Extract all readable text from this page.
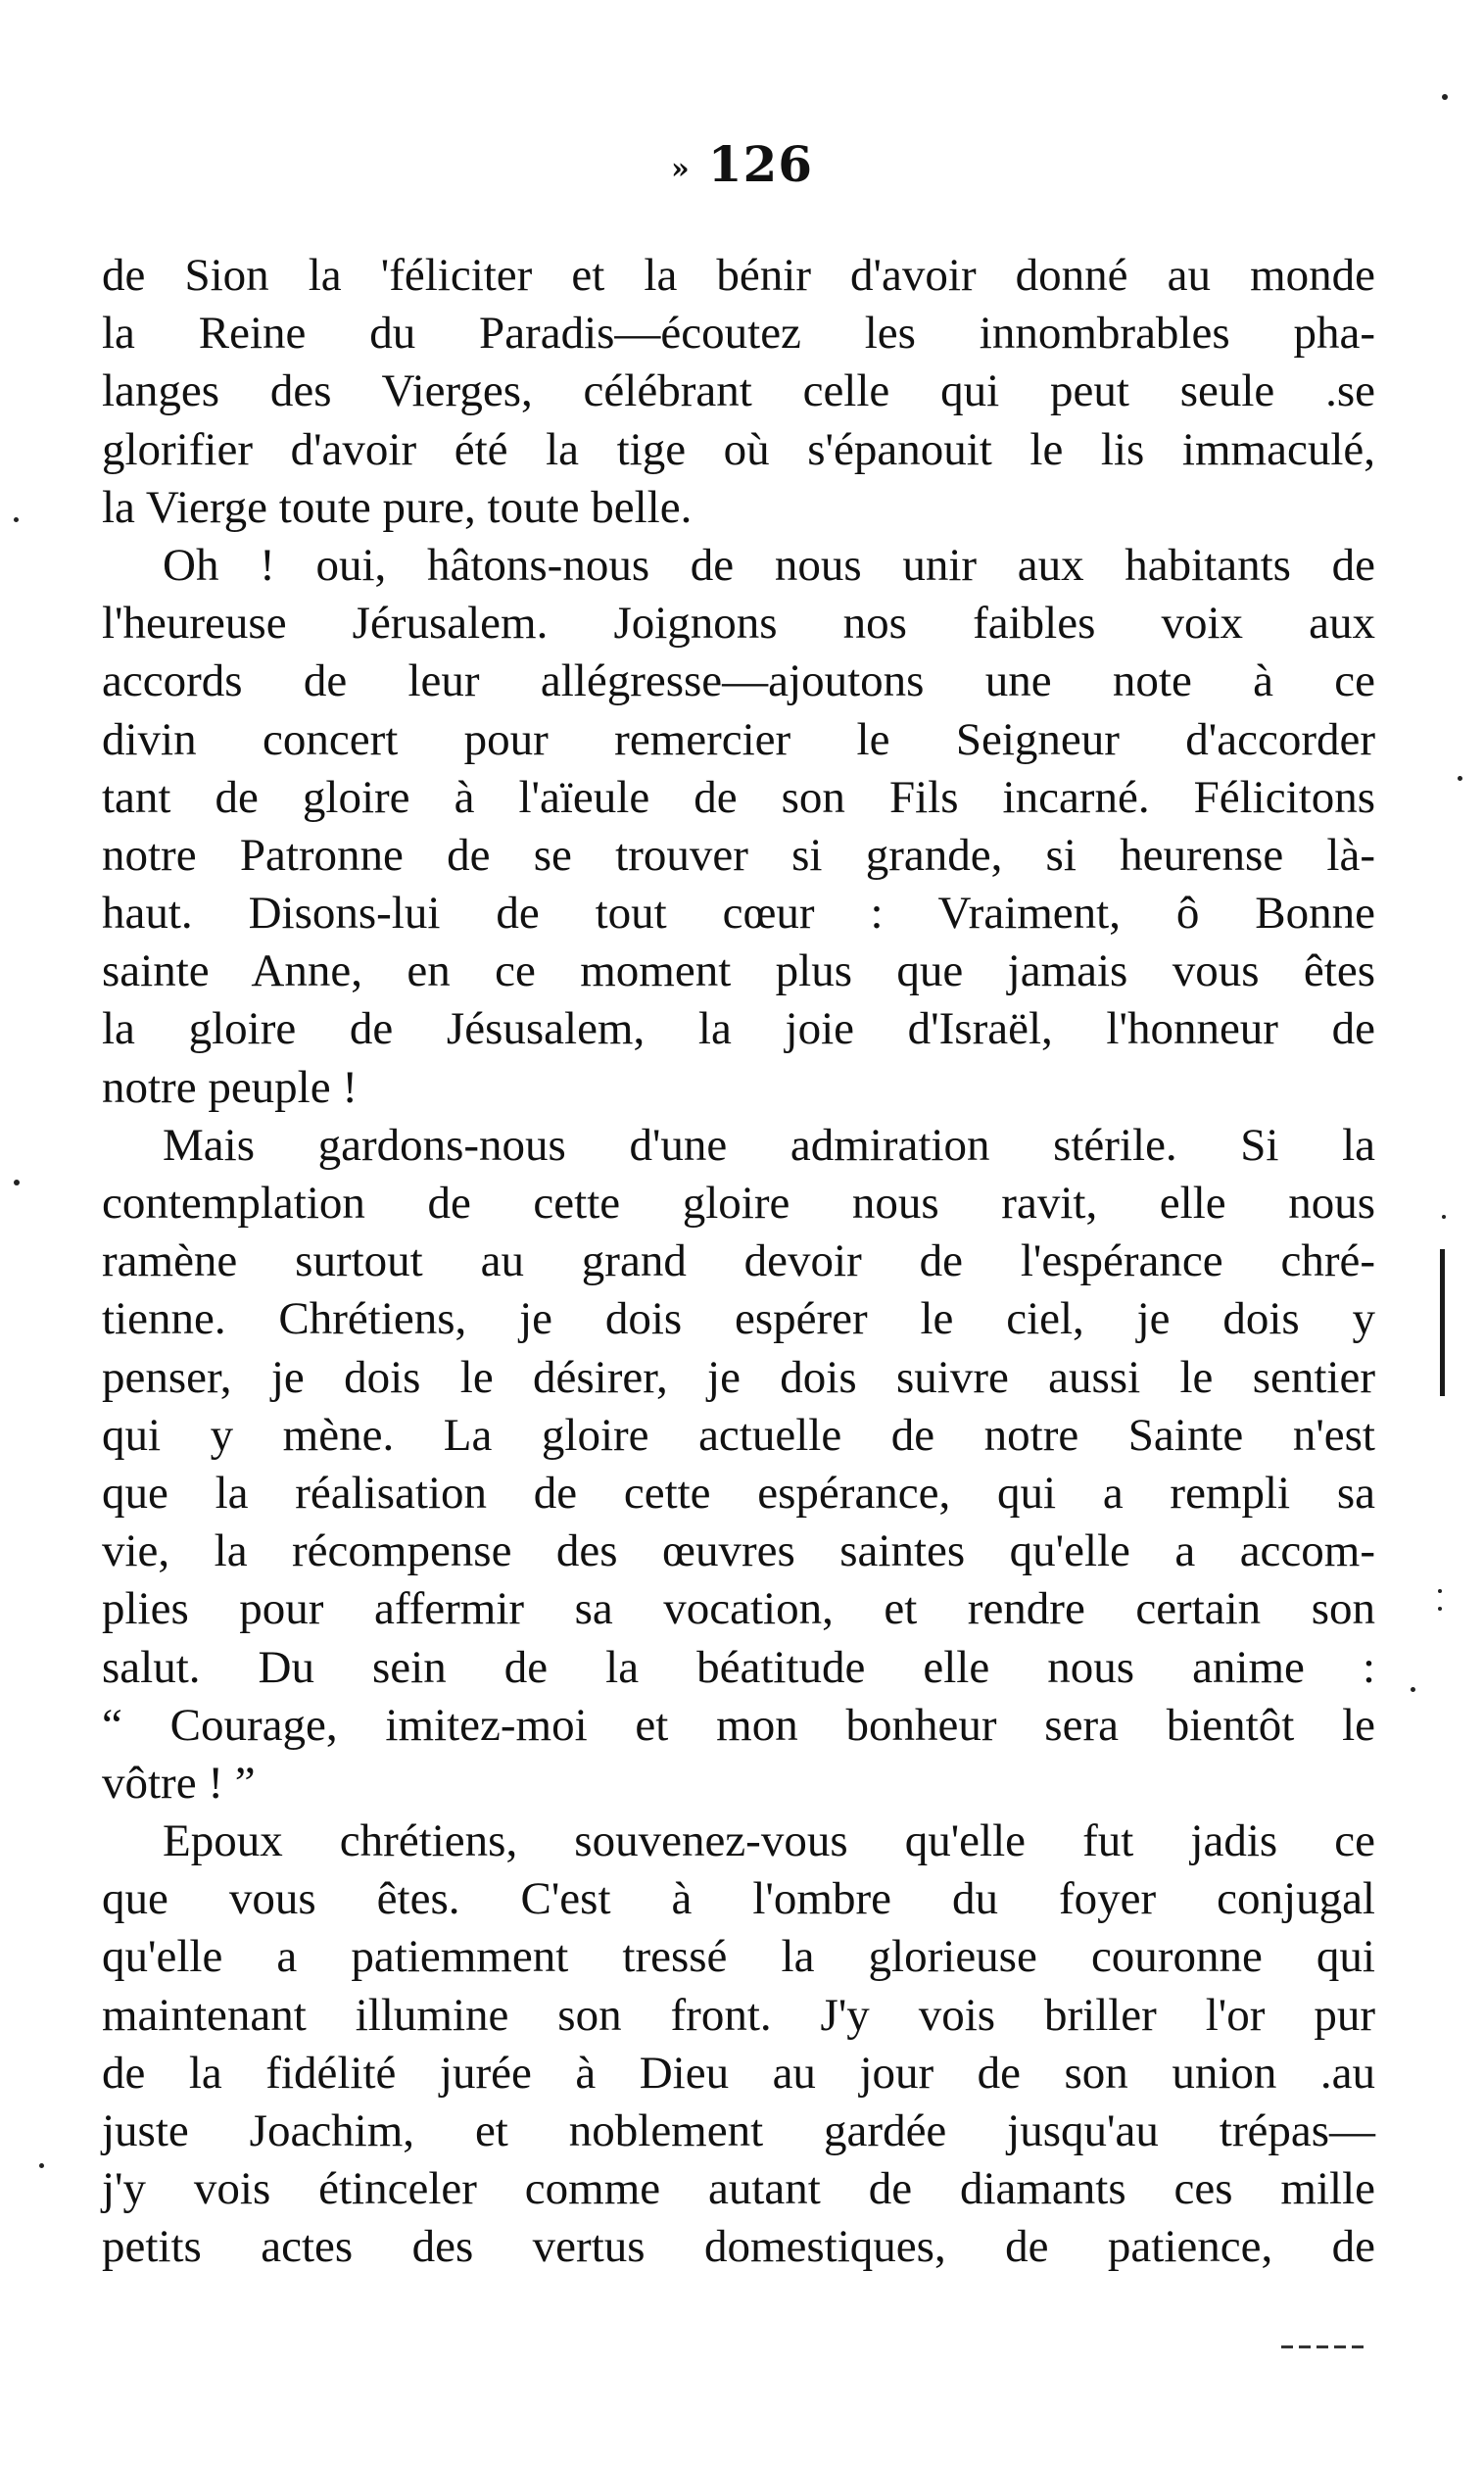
» 126
de Sion la 'féliciter et la bénir d'avoir donné au monde
la Reine du Paradis—écoutez les innombrables pha-
langes des Vierges, célébrant celle qui peut seule .se
glorifier d'avoir été la tige où s'épanouit le lis immaculé,
la Vierge toute pure, toute belle.
Oh ! oui, hâtons-nous de nous unir aux habitants de
l'heureuse Jérusalem. Joignons nos faibles voix aux
accords de leur allégresse—ajoutons une note à ce
divin concert pour remercier le Seigneur d'accorder
tant de gloire à l'aïeule de son Fils incarné. Félicitons
notre Patronne de se trouver si grande, si heurense là-
haut. Disons-lui de tout cœur : Vraiment, ô Bonne
sainte Anne, en ce moment plus que jamais vous êtes
la gloire de Jésusalem, la joie d'Israël, l'honneur de
notre peuple !
Mais gardons-nous d'une admiration stérile. Si la
contemplation de cette gloire nous ravit, elle nous
ramène surtout au grand devoir de l'espérance chré-
tienne. Chrétiens, je dois espérer le ciel, je dois y
penser, je dois le désirer, je dois suivre aussi le sentier
qui y mène. La gloire actuelle de notre Sainte n'est
que la réalisation de cette espérance, qui a rempli sa
vie, la récompense des œuvres saintes qu'elle a accom-
plies pour affermir sa vocation, et rendre certain son
salut. Du sein de la béatitude elle nous anime :
“ Courage, imitez-moi et mon bonheur sera bientôt le
vôtre ! ”
Epoux chrétiens, souvenez-vous qu'elle fut jadis ce
que vous êtes. C'est à l'ombre du foyer conjugal
qu'elle a patiemment tressé la glorieuse couronne qui
maintenant illumine son front. J'y vois briller l'or pur
de la fidélité jurée à Dieu au jour de son union .au
juste Joachim, et noblement gardée jusqu'au trépas—
j'y vois étinceler comme autant de diamants ces mille
petits actes des vertus domestiques, de patience, de
